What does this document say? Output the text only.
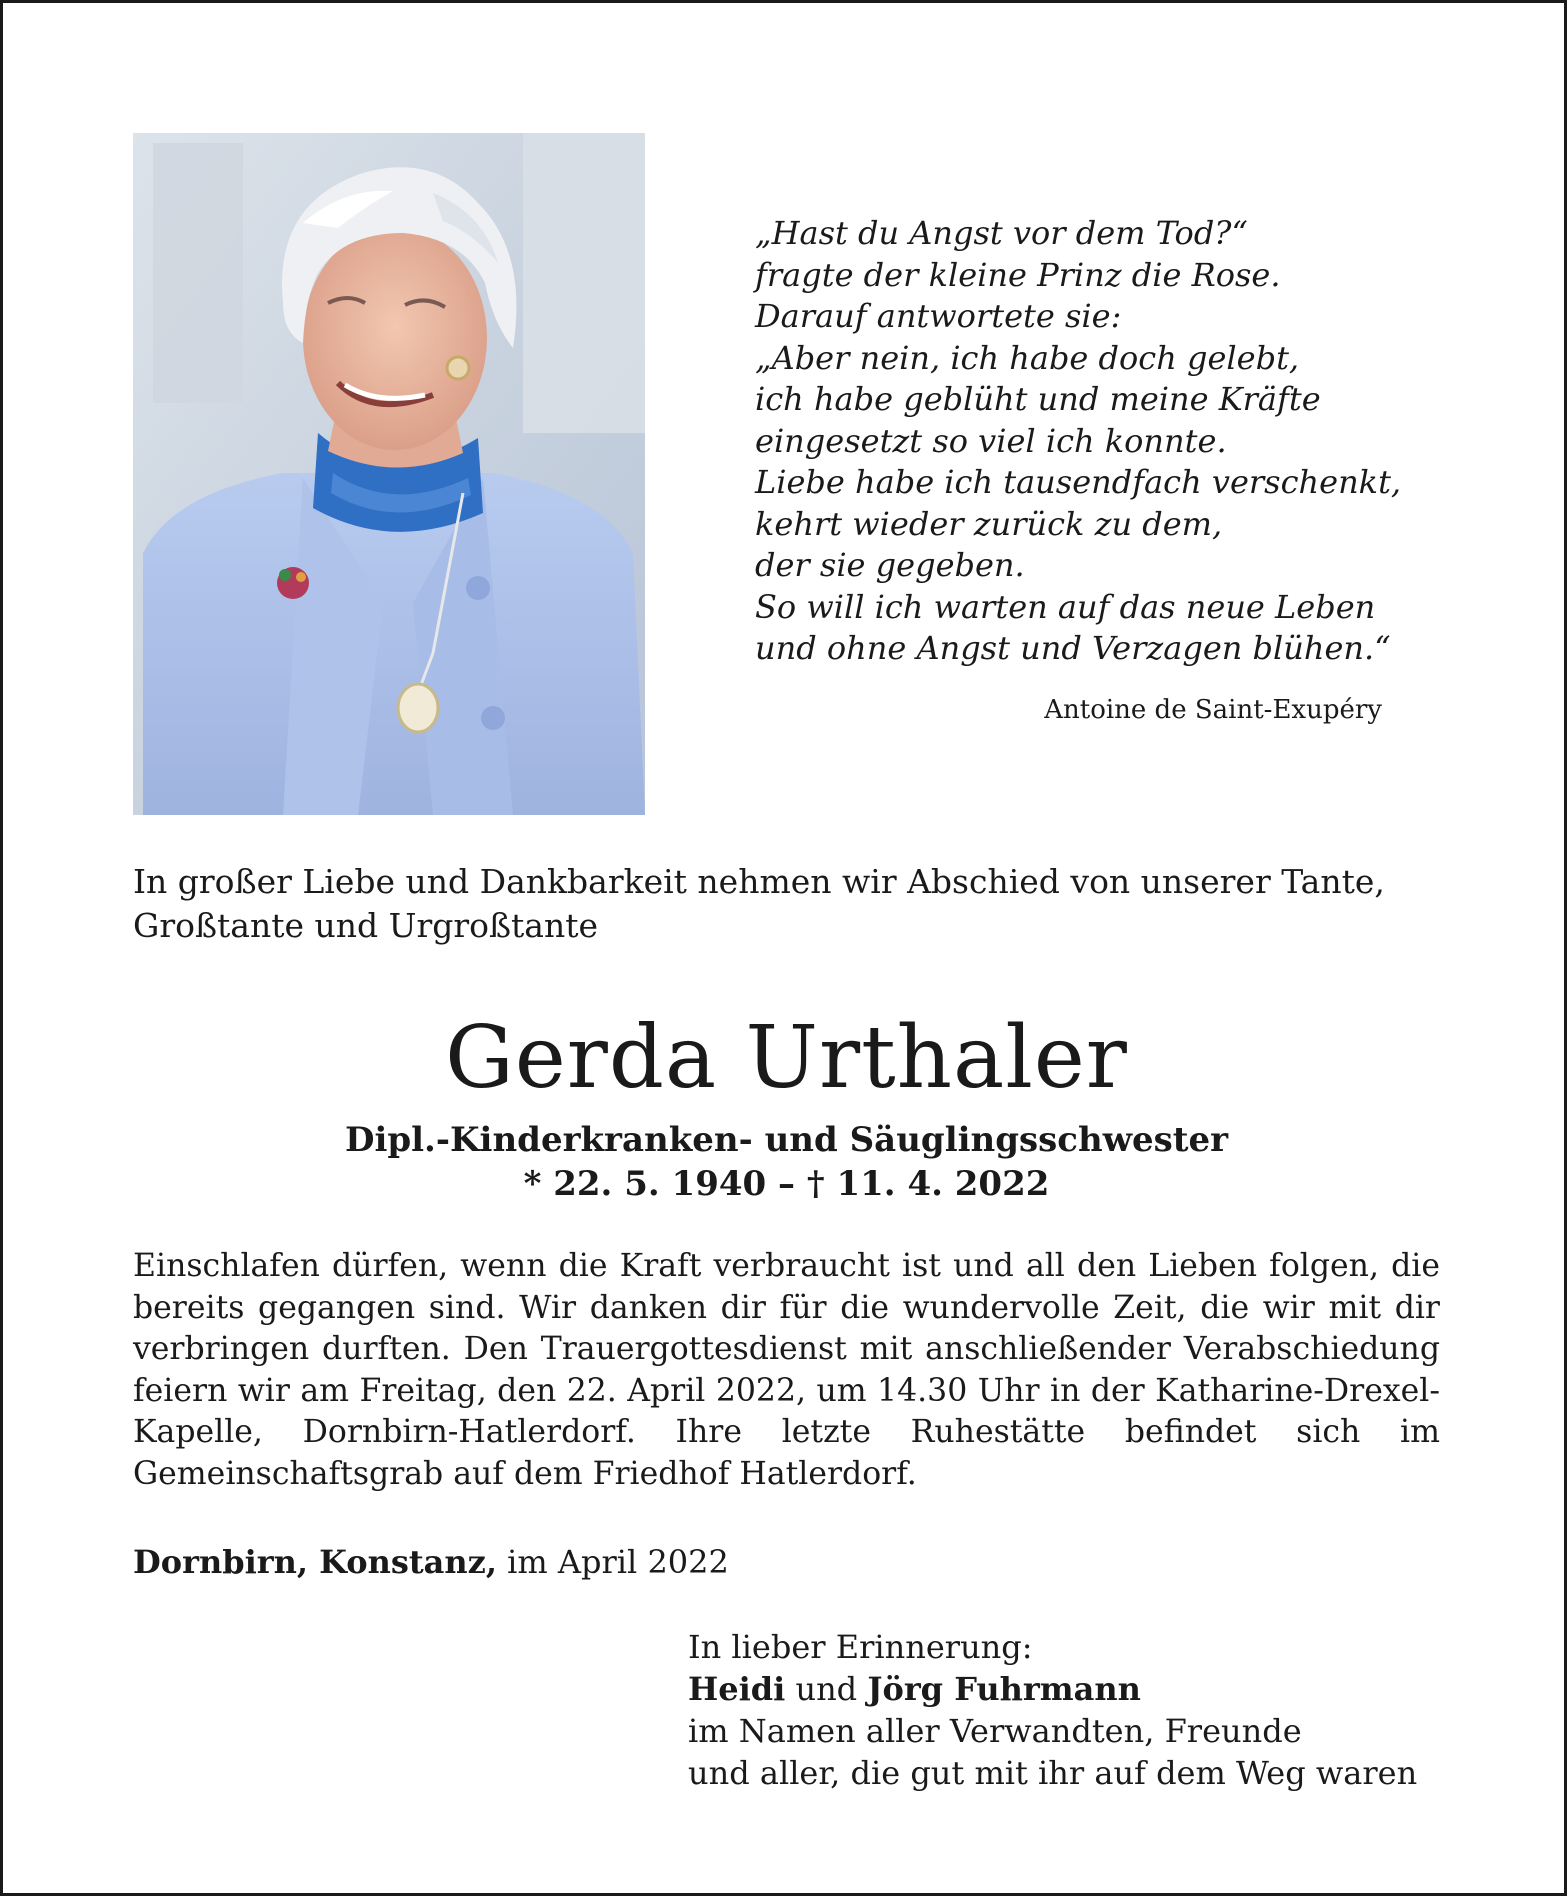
„Hast du Angst vor dem Tod?“
fragte der kleine Prinz die Rose.
Darauf antwortete sie:
„Aber nein, ich habe doch gelebt,
ich habe geblüht und meine Kräfte
eingesetzt so viel ich konnte.
Liebe habe ich tausendfach verschenkt,
kehrt wieder zurück zu dem,
der sie gegeben.
So will ich warten auf das neue Leben
und ohne Angst und Verzagen blühen.“
Antoine de Saint-Exupéry
In großer Liebe und Dankbarkeit nehmen wir Abschied von unserer Tante, Großtante und Urgroßtante
Gerda Urthaler
Dipl.-Kinderkranken- und Säuglingsschwester
* 22. 5. 1940 – † 11. 4. 2022
Einschlafen dürfen, wenn die Kraft verbraucht ist und all den Lieben folgen, die bereits gegangen sind. Wir danken dir für die wundervolle Zeit, die wir mit dir verbringen durften. Den Trauergottesdienst mit anschließender Verabschiedung feiern wir am Freitag, den 22. April 2022, um 14.30 Uhr in der Katharine-Drexel-Kapelle, Dornbirn-Hatlerdorf. Ihre letzte Ruhestätte befindet sich im Gemeinschaftsgrab auf dem Friedhof Hatlerdorf.
Dornbirn, Konstanz, im April 2022
In lieber Erinnerung:
Heidi und Jörg Fuhrmann
im Namen aller Verwandten, Freunde
und aller, die gut mit ihr auf dem Weg waren
